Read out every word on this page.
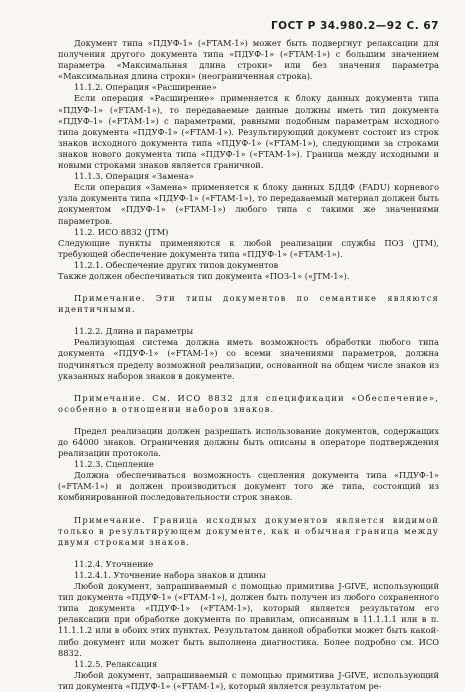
ГОСТ Р 34.980.2—92 С. 67

Документ типа «ПДУФ-1» («FTAM-1») может быть подвергнут релаксации для получения другого документа типа «ПДУФ-1» («FTAM-1») с большим значением параметра «Максимальная длина строки» или без значения параметра «Максимальная длина строки» (неограниченная строка).

11.1.2. Операция «Расширение»

Если операция «Расширение» применяется к блоку данных документа типа «ПДУФ-1» («FTAM-1»), то передаваемые данные должны иметь тип документа «ПДУФ-1» («FTAM-1») с параметрами, равными подобным параметрам исходного типа документа «ПДУФ-1» («FTAM-1»). Результирующий документ состоит из строк знаков исходного документа типа «ПДУФ-1» («FTAM-1»), следующими за строками знаков нового документа типа «ПДУФ-1» («FTAM-1»). Граница между исходными и новыми строками знаков является граничной.

11.1.3. Операция «Замена»

Если операция «Замена» применяется к блоку данных БДДФ (FADU) корневого узла документа типа «ПДУФ-1» («FTAM-1»), то передаваемый материал должен быть документом «ПДУФ-1» («FTAM-1») любого типа с такими же значениями параметров.

11.2. ИСО 8832 (JTM)

Следующие пункты применяются к любой реализации службы ПОЗ (JTM), требующей обеспечение документа типа «ПДУФ-1» («FTAM-1»).

11.2.1. Обеспечение других типов документов

Также должен обеспечиваться тип документа «ПОЗ-1» («JTM-1»).

Примечание. Эти типы документов по семантике являются идентичными.

11.2.2. Длина и параметры

Реализующая система должна иметь возможность обработки любого типа документа «ПДУФ-1» («FTAM-1») со всеми значениями параметров, должна подчиняться пределу возможной реализации, основанной на общем числе знаков из указанных наборов знаков в документе.

Примечание. См. ИСО 8832 для спецификации «Обеспечение», особенно в отношении наборов знаков.

Предел реализации должен разрешать использование документов, содержащих до 64000 знаков. Ограничения должны быть описаны в операторе подтверждения реализации протокола.

11.2.3. Сцепление

Должна обеспечиваться возможность сцепления документа типа «ПДУФ-1» («FTAM-1») и должен производиться документ того же типа, состоящий из комбинированной последовательности строк знаков.

Примечание. Граница исходных документов является видимой только в результирующем документе, как и обычная граница между двумя строками знаков.

11.2.4. Уточнение

11.2.4.1. Уточнение набора знаков и длины

Любой документ, запрашиваемый с помощью примитива J-GIVE, использующий тип документа «ПДУФ-1» («FTAM-1»), должен быть получен из любого сохраненного типа документа «ПДУФ-1» («FTAM-1»), который является результатом его релаксации при обработке документа по правилам, описанным в 11.1.1.1 или в п. 11.1.1.2 или в обоих этих пунктах. Результатом данной обработки может быть какой-либо документ или может быть выполнена диагностика. Более подробно см. ИСО 8832.

11.2.5. Релаксация

Любой документ, запрашиваемый с помощью примитива J-GIVE, использующий тип документа «ПДУФ-1» («FTAM-1»), который является результатом ре-
